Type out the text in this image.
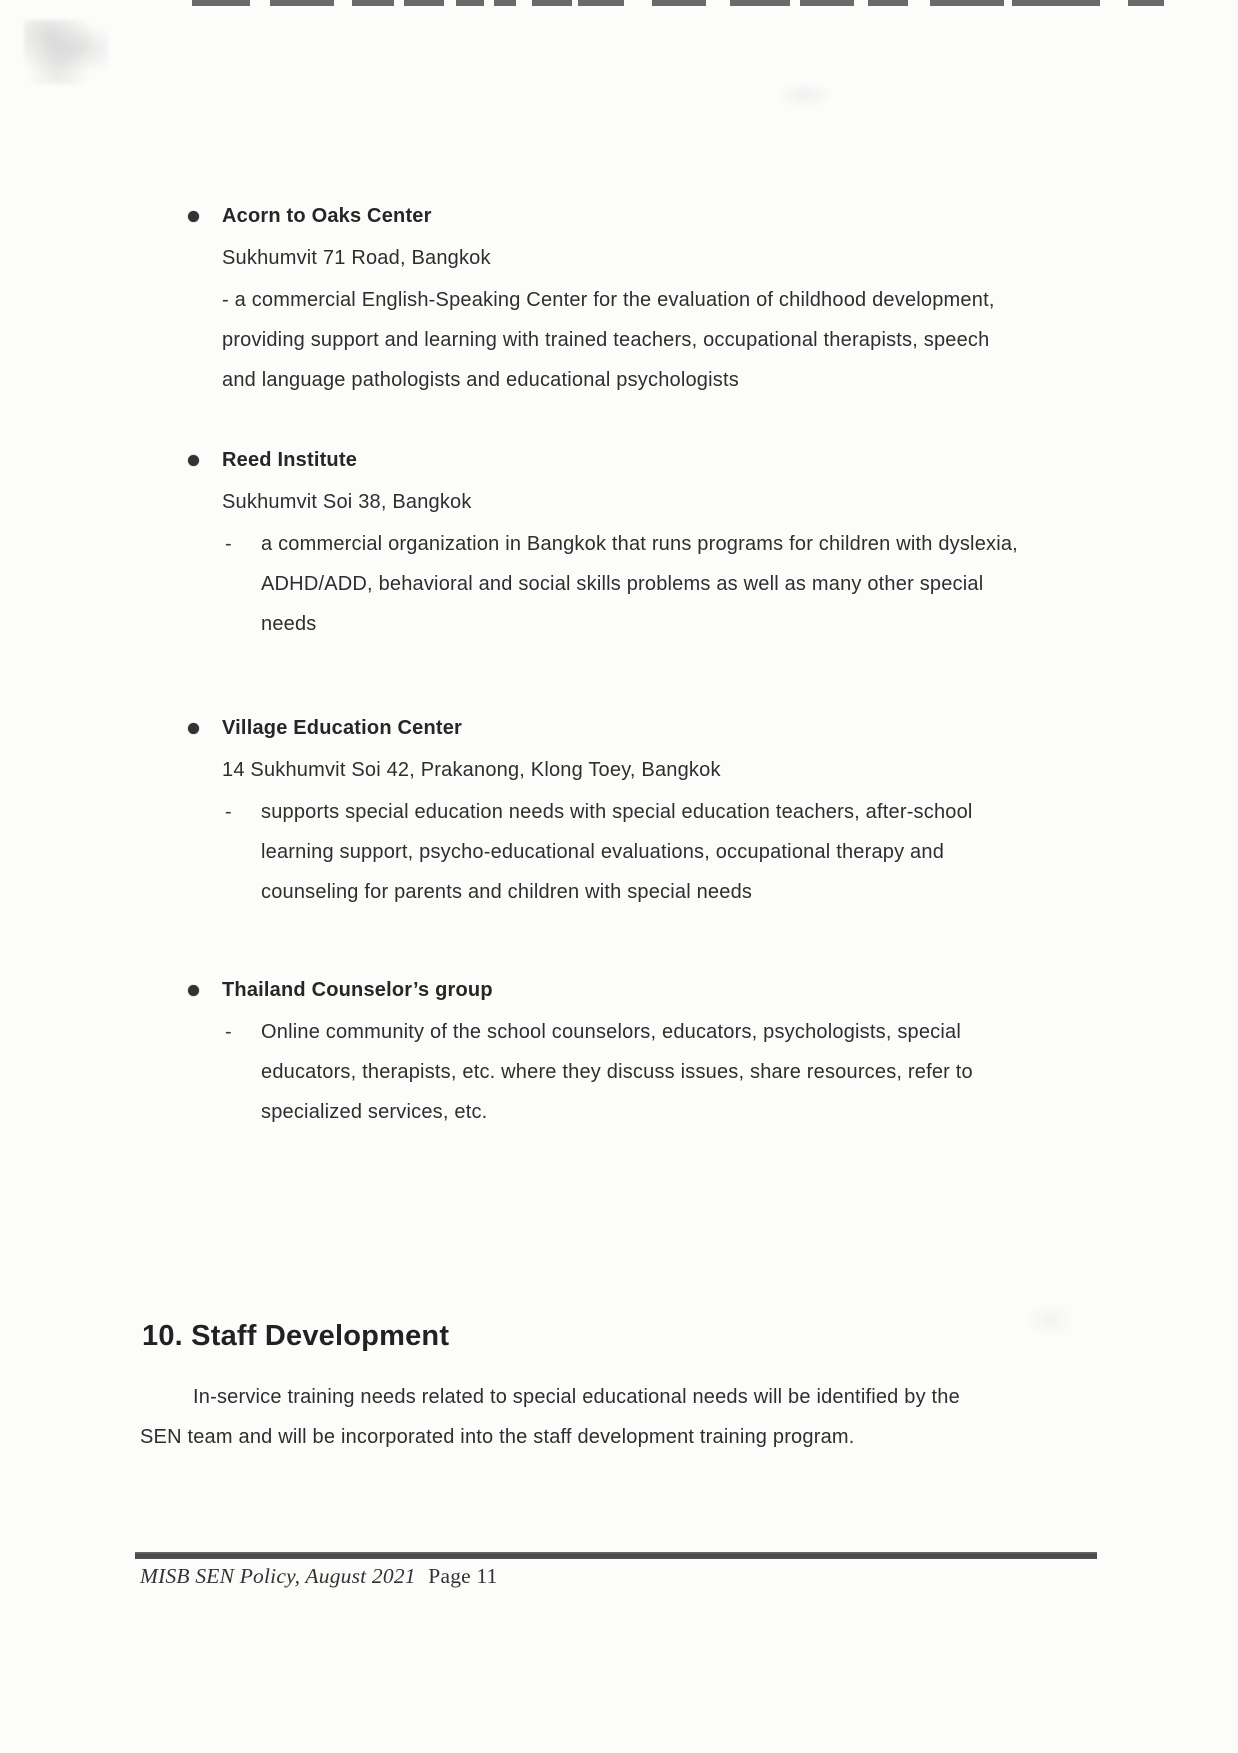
Acorn to Oaks Center
Sukhumvit 71 Road, Bangkok
- a commercial English-Speaking Center for the evaluation of childhood development,
providing support and learning with trained teachers, occupational therapists, speech
and language pathologists and educational psychologists
Reed Institute
Sukhumvit Soi 38, Bangkok
- a commercial organization in Bangkok that runs programs for children with dyslexia,
ADHD/ADD, behavioral and social skills problems as well as many other special
needs
Village Education Center
14 Sukhumvit Soi 42, Prakanong, Klong Toey, Bangkok
- supports special education needs with special education teachers, after-school
learning support, psycho-educational evaluations, occupational therapy and
counseling for parents and children with special needs
Thailand Counselor’s group
- Online community of the school counselors, educators, psychologists, special
educators, therapists, etc. where they discuss issues, share resources, refer to
specialized services, etc.
10. Staff Development
In-service training needs related to special educational needs will be identified by the
SEN team and will be incorporated into the staff development training program.
MISB SEN Policy, August 2021 Page 11
